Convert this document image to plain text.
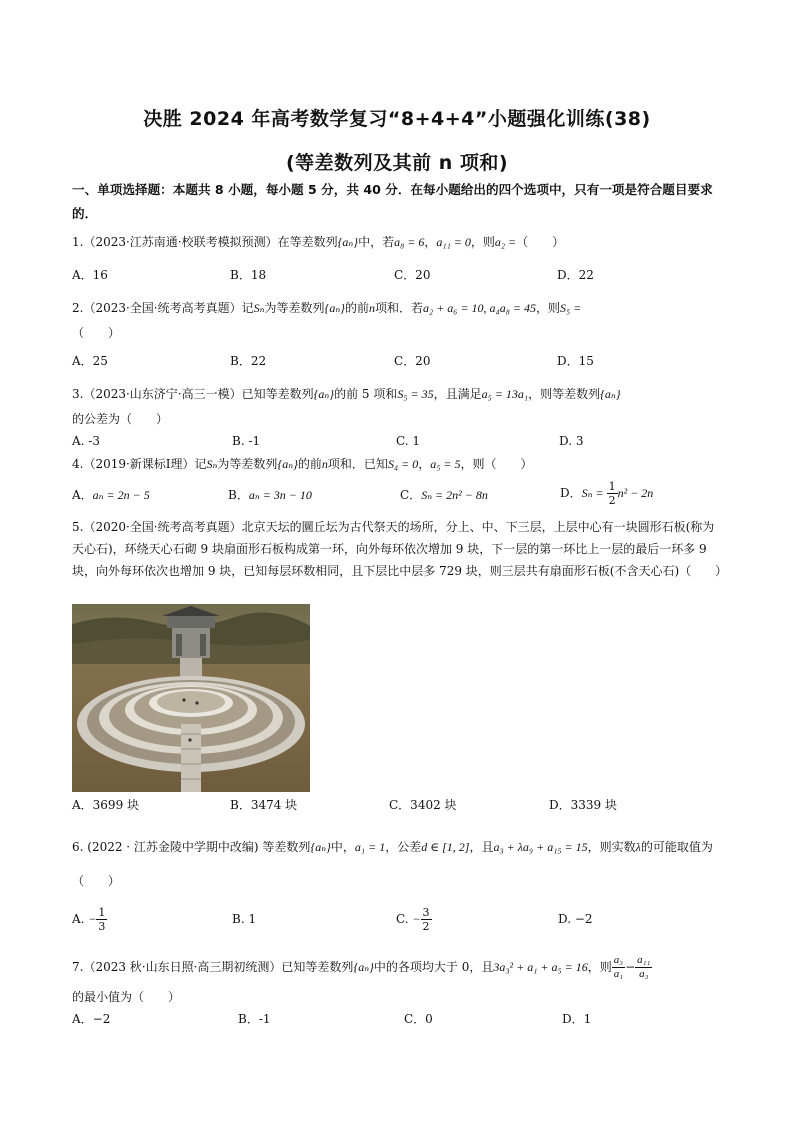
决胜 2024 年高考数学复习“8+4+4”小题强化训练(38)
(等差数列及其前 n 项和)
一、单项选择题：本题共 8 小题，每小题 5 分，共 40 分．在每小题给出的四个选项中，只有一项是符合题目要求的．
1.（2023·江苏南通·校联考模拟预测）在等差数列{aₙ}中，若a₈ = 6，a₁₁ = 0，则a₂ =（　　）
A．16	B．18	C．20	D．22
2.（2023·全国·统考高考真题）记Sₙ为等差数列{aₙ}的前n项和．若a₂ + a₆ = 10, a₄a₈ = 45，则S₅ =
（　　）
A．25	B．22	C．20	D．15
3.（2023·山东济宁·高三一模）已知等差数列{aₙ}的前 5 项和S₅ = 35，且满足a₅ = 13a₁，则等差数列{aₙ}
的公差为（　　）
A. -3	B. -1	C. 1	D. 3
4.（2019·新课标Ⅰ理）记Sₙ为等差数列{aₙ}的前n项和．已知S₄ = 0，a₅ = 5，则（　　）
A．aₙ = 2n − 5	B．aₙ = 3n − 10	C．Sₙ = 2n² − 8n	D．$S_n = \frac{1}{2} n^2 - 2n$
5.（2020·全国·统考高考真题）北京天坛的圜丘坛为古代祭天的场所，分上、中、下三层，上层中心有一块圆形石板(称为天心石)，环绕天心石砌 9 块扇面形石板构成第一环，向外每环依次增加 9 块，下一层的第一环比上一层的最后一环多 9 块，向外每环依次也增加 9 块，已知每层环数相同，且下层比中层多 729 块，则三层共有扇面形石板(不含天心石)（　　）
A．3699 块	B．3474 块	C．3402 块	D．3339 块
6. (2022 · 江苏金陵中学期中改编) 等差数列{aₙ}中，a₁ = 1，公差d ∈ [1, 2]，且a₃ + λa₉ + a₁₅ = 15，则实数λ的可能取值为（　　）
A. − $\frac{1}{3}$	B. 1	C. − $\frac{3}{2}$	D. −2
7.（2023 秋·山东日照·高三期初统测）已知等差数列{aₙ}中的各项均大于 0，且3a₃² + a₁ + a₅ = 16，则 $\frac{\text{a₃}}{\text{a₁}} - \frac{\text{a₁₁}}{\text{a₃}}$

的最小值为（　　）
A．−2	B．-1	C．0	D．1
